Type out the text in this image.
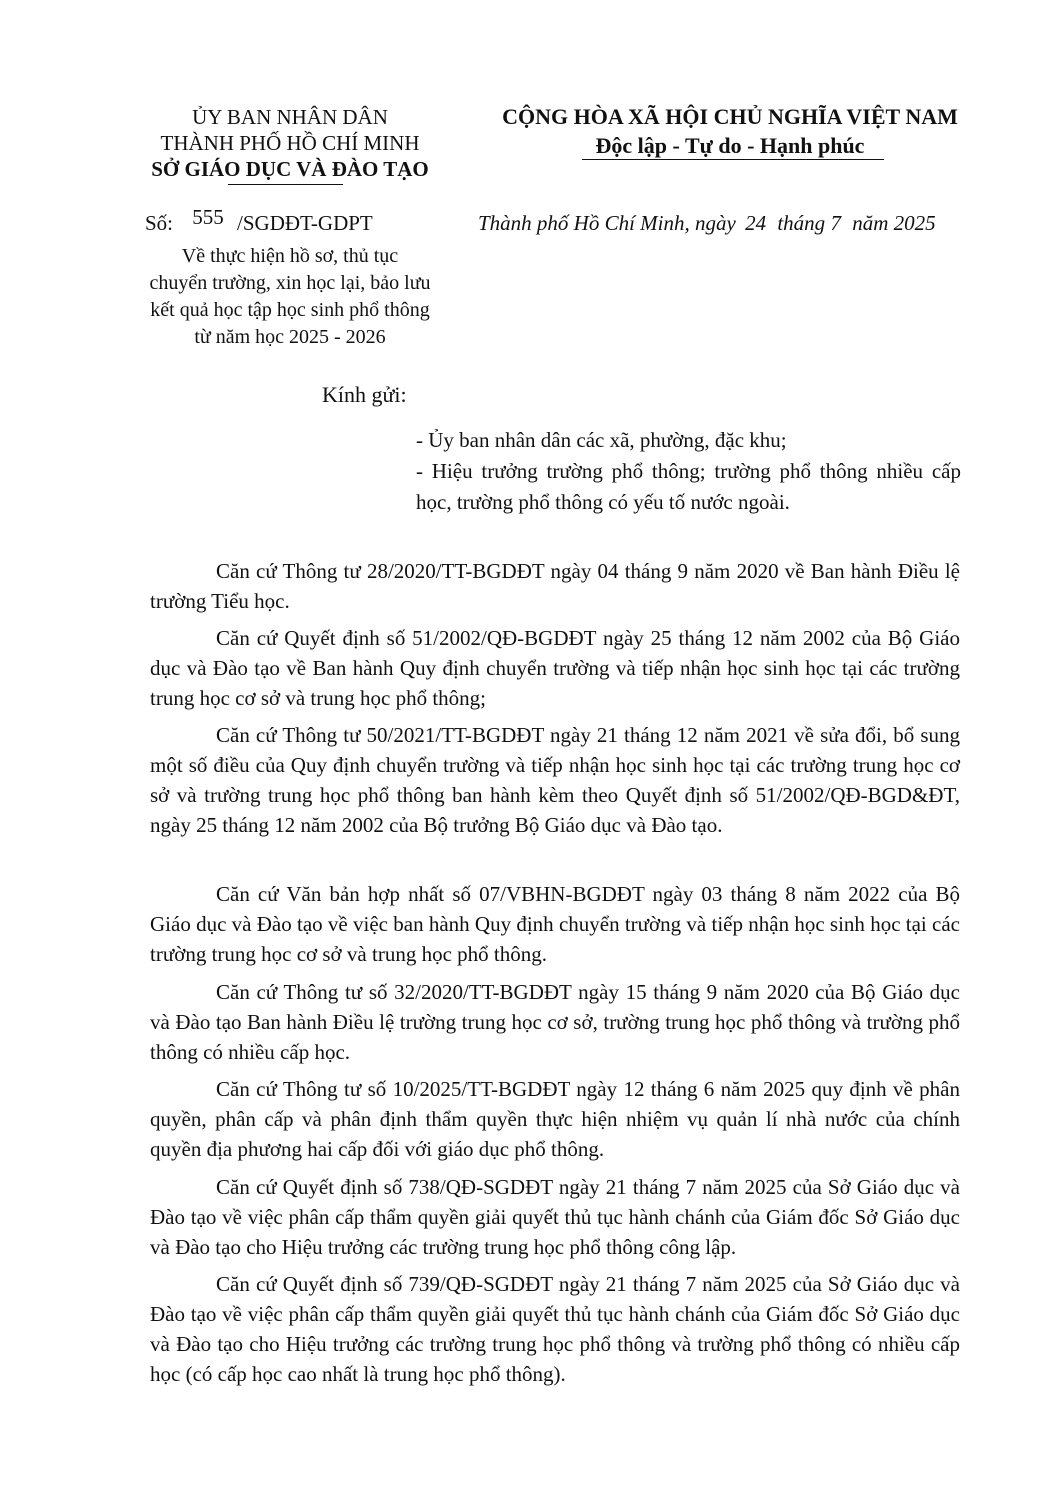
ỦY BAN NHÂN DÂN
THÀNH PHỐ HỒ CHÍ MINH
SỞ GIÁO DỤC VÀ ĐÀO TẠO
CỘNG HÒA XÃ HỘI CHỦ NGHĨA VIỆT NAM
Độc lập - Tự do - Hạnh phúc
Số: 555 /SGDĐT-GDPT	Thành phố Hồ Chí Minh, ngày 24 tháng 7 năm 2025
Về thực hiện hồ sơ, thủ tục
chuyển trường, xin học lại, bảo lưu
kết quả học tập học sinh phổ thông
từ năm học 2025 - 2026
Kính gửi:
- Ủy ban nhân dân các xã, phường, đặc khu;
- Hiệu trưởng trường phổ thông; trường phổ thông nhiều cấp học, trường phổ thông có yếu tố nước ngoài.
Căn cứ Thông tư 28/2020/TT-BGDĐT ngày 04 tháng 9 năm 2020 về Ban hành Điều lệ trường Tiểu học.
Căn cứ Quyết định số 51/2002/QĐ-BGDĐT ngày 25 tháng 12 năm 2002 của Bộ Giáo dục và Đào tạo về Ban hành Quy định chuyển trường và tiếp nhận học sinh học tại các trường trung học cơ sở và trung học phổ thông;
Căn cứ Thông tư 50/2021/TT-BGDĐT ngày 21 tháng 12 năm 2021 về sửa đổi, bổ sung một số điều của Quy định chuyển trường và tiếp nhận học sinh học tại các trường trung học cơ sở và trường trung học phổ thông ban hành kèm theo Quyết định số 51/2002/QĐ-BGD&ĐT, ngày 25 tháng 12 năm 2002 của Bộ trưởng Bộ Giáo dục và Đào tạo.
Căn cứ Văn bản hợp nhất số 07/VBHN-BGDĐT ngày 03 tháng 8 năm 2022 của Bộ Giáo dục và Đào tạo về việc ban hành Quy định chuyển trường và tiếp nhận học sinh học tại các trường trung học cơ sở và trung học phổ thông.
Căn cứ Thông tư số 32/2020/TT-BGDĐT ngày 15 tháng 9 năm 2020 của Bộ Giáo dục và Đào tạo Ban hành Điều lệ trường trung học cơ sở, trường trung học phổ thông và trường phổ thông có nhiều cấp học.
Căn cứ Thông tư số 10/2025/TT-BGDĐT ngày 12 tháng 6 năm 2025 quy định về phân quyền, phân cấp và phân định thẩm quyền thực hiện nhiệm vụ quản lí nhà nước của chính quyền địa phương hai cấp đối với giáo dục phổ thông.
Căn cứ Quyết định số 738/QĐ-SGDĐT ngày 21 tháng 7 năm 2025 của Sở Giáo dục và Đào tạo về việc phân cấp thẩm quyền giải quyết thủ tục hành chánh của Giám đốc Sở Giáo dục và Đào tạo cho Hiệu trưởng các trường trung học phổ thông công lập.
Căn cứ Quyết định số 739/QĐ-SGDĐT ngày 21 tháng 7 năm 2025 của Sở Giáo dục và Đào tạo về việc phân cấp thẩm quyền giải quyết thủ tục hành chánh của Giám đốc Sở Giáo dục và Đào tạo cho Hiệu trưởng các trường trung học phổ thông và trường phổ thông có nhiều cấp học (có cấp học cao nhất là trung học phổ thông).
